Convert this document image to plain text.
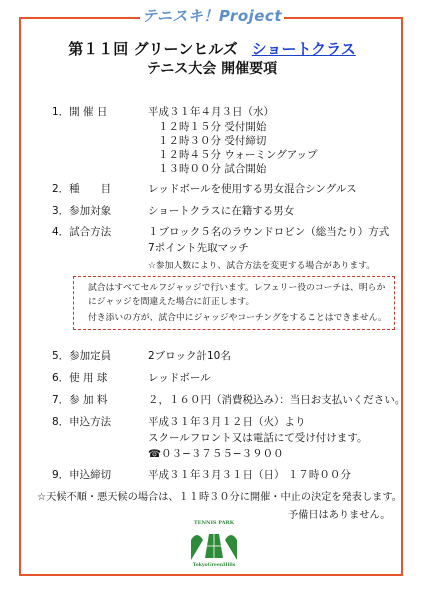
テニスキ！Project
第１１回 グリーンヒルズ ショートクラス
テニス大会 開催要項
1．開 催 日	平成３１年４月３日（水）
１２時１５分 受付開始
１２時３０分 受付締切
１２時４５分 ウォーミングアップ
１３時００分 試合開始
2．種　　目	レッドボールを使用する男女混合シングルス
3．参加対象	ショートクラスに在籍する男女
4．試合方法	１ブロック５名のラウンドロビン（総当たり）方式
7ポイント先取マッチ
☆参加人数により、試合方法を変更する場合があります。
試合はすべてセルフジャッジで行います。レフェリー役のコーチは、明らか
にジャッジを間違えた場合に訂正します。
付き添いの方が、試合中にジャッジやコーチングをすることはできません。
5．参加定員	2ブロック計10名
6．使 用 球	レッドボール
7．参 加 料	２，１６０円（消費税込み）：当日お支払いください。
8．申込方法	平成３１年３月１２日（火）より
スクールフロント又は電話にて受け付けます。
☎０３−３７５５−３９００
9．申込締切	平成３１年３月３１日（日） １７時００分
☆天候不順・悪天候の場合は、１１時３０分に開催・中止の決定を発表します。
予備日はありません。
TENNIS PARK
TokyoGreenHills
